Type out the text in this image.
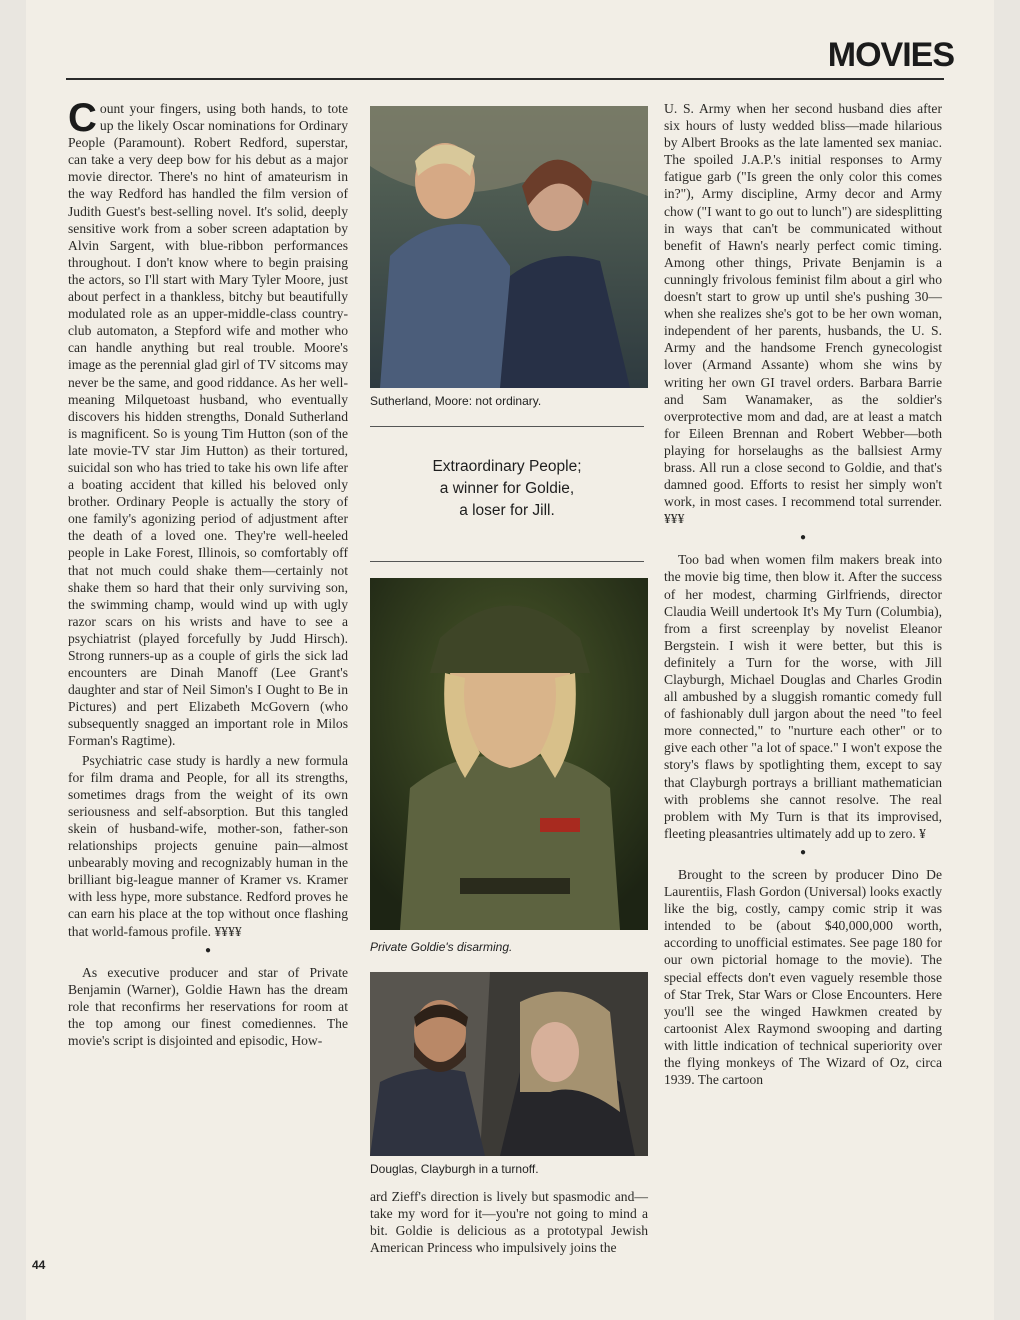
MOVIES

Count your fingers, using both hands, to tote up the likely Oscar nominations for Ordinary People (Paramount). Robert Redford, superstar, can take a very deep bow for his debut as a major movie director. There's no hint of amateurism in the way Redford has handled the film version of Judith Guest's best-selling novel. It's solid, deeply sensitive work from a sober screen adaptation by Alvin Sargent, with blue-ribbon performances throughout. I don't know where to begin praising the actors, so I'll start with Mary Tyler Moore, just about perfect in a thankless, bitchy but beautifully modulated role as an upper-middle-class country-club automaton, a Stepford wife and mother who can handle anything but real trouble. Moore's image as the perennial glad girl of TV sitcoms may never be the same, and good riddance. As her well-meaning Milquetoast husband, who eventually discovers his hidden strengths, Donald Sutherland is magnificent. So is young Tim Hutton (son of the late movie-TV star Jim Hutton) as their tortured, suicidal son who has tried to take his own life after a boating accident that killed his beloved only brother. Ordinary People is actually the story of one family's agonizing period of adjustment after the death of a loved one. They're well-heeled people in Lake Forest, Illinois, so comfortably off that not much could shake them—certainly not shake them so hard that their only surviving son, the swimming champ, would wind up with ugly razor scars on his wrists and have to see a psychiatrist (played forcefully by Judd Hirsch). Strong runners-up as a couple of girls the sick lad encounters are Dinah Manoff (Lee Grant's daughter and star of Neil Simon's I Ought to Be in Pictures) and pert Elizabeth McGovern (who subsequently snagged an important role in Milos Forman's Ragtime).

Psychiatric case study is hardly a new formula for film drama and People, for all its strengths, sometimes drags from the weight of its own seriousness and self-absorption. But this tangled skein of husband-wife, mother-son, father-son relationships projects genuine pain—almost unbearably moving and recognizably human in the brilliant big-league manner of Kramer vs. Kramer with less hype, more substance. Redford proves he can earn his place at the top without once flashing that world-famous profile. ¥¥¥¥

●

As executive producer and star of Private Benjamin (Warner), Goldie Hawn has the dream role that reconfirms her reservations for room at the top among our finest comediennes. The movie's script is disjointed and episodic, How-

Sutherland, Moore: not ordinary.
Extraordinary People;
a winner for Goldie,
a loser for Jill.
Private Goldie's disarming.
Douglas, Clayburgh in a turnoff.

ard Zieff's direction is lively but spasmodic and—take my word for it—you're not going to mind a bit. Goldie is delicious as a prototypal Jewish American Princess who impulsively joins the

U. S. Army when her second husband dies after six hours of lusty wedded bliss—made hilarious by Albert Brooks as the late lamented sex maniac. The spoiled J.A.P.'s initial responses to Army fatigue garb ("Is green the only color this comes in?"), Army discipline, Army decor and Army chow ("I want to go out to lunch") are sidesplitting in ways that can't be communicated without benefit of Hawn's nearly perfect comic timing. Among other things, Private Benjamin is a cunningly frivolous feminist film about a girl who doesn't start to grow up until she's pushing 30—when she realizes she's got to be her own woman, independent of her parents, husbands, the U. S. Army and the handsome French gynecologist lover (Armand Assante) whom she wins by writing her own GI travel orders. Barbara Barrie and Sam Wanamaker, as the soldier's overprotective mom and dad, are at least a match for Eileen Brennan and Robert Webber—both playing for horselaughs as the ballsiest Army brass. All run a close second to Goldie, and that's damned good. Efforts to resist her simply won't work, in most cases. I recommend total surrender. ¥¥¥

●

Too bad when women film makers break into the movie big time, then blow it. After the success of her modest, charming Girlfriends, director Claudia Weill undertook It's My Turn (Columbia), from a first screenplay by novelist Eleanor Bergstein. I wish it were better, but this is definitely a Turn for the worse, with Jill Clayburgh, Michael Douglas and Charles Grodin all ambushed by a sluggish romantic comedy full of fashionably dull jargon about the need "to feel more connected," to "nurture each other" or to give each other "a lot of space." I won't expose the story's flaws by spotlighting them, except to say that Clayburgh portrays a brilliant mathematician with problems she cannot resolve. The real problem with My Turn is that its improvised, fleeting pleasantries ultimately add up to zero. ¥

●

Brought to the screen by producer Dino De Laurentiis, Flash Gordon (Universal) looks exactly like the big, costly, campy comic strip it was intended to be (about $40,000,000 worth, according to unofficial estimates. See page 180 for our own pictorial homage to the movie). The special effects don't even vaguely resemble those of Star Trek, Star Wars or Close Encounters. Here you'll see the winged Hawkmen created by cartoonist Alex Raymond swooping and darting with little indication of technical superiority over the flying monkeys of The Wizard of Oz, circa 1939. The cartoon

44
